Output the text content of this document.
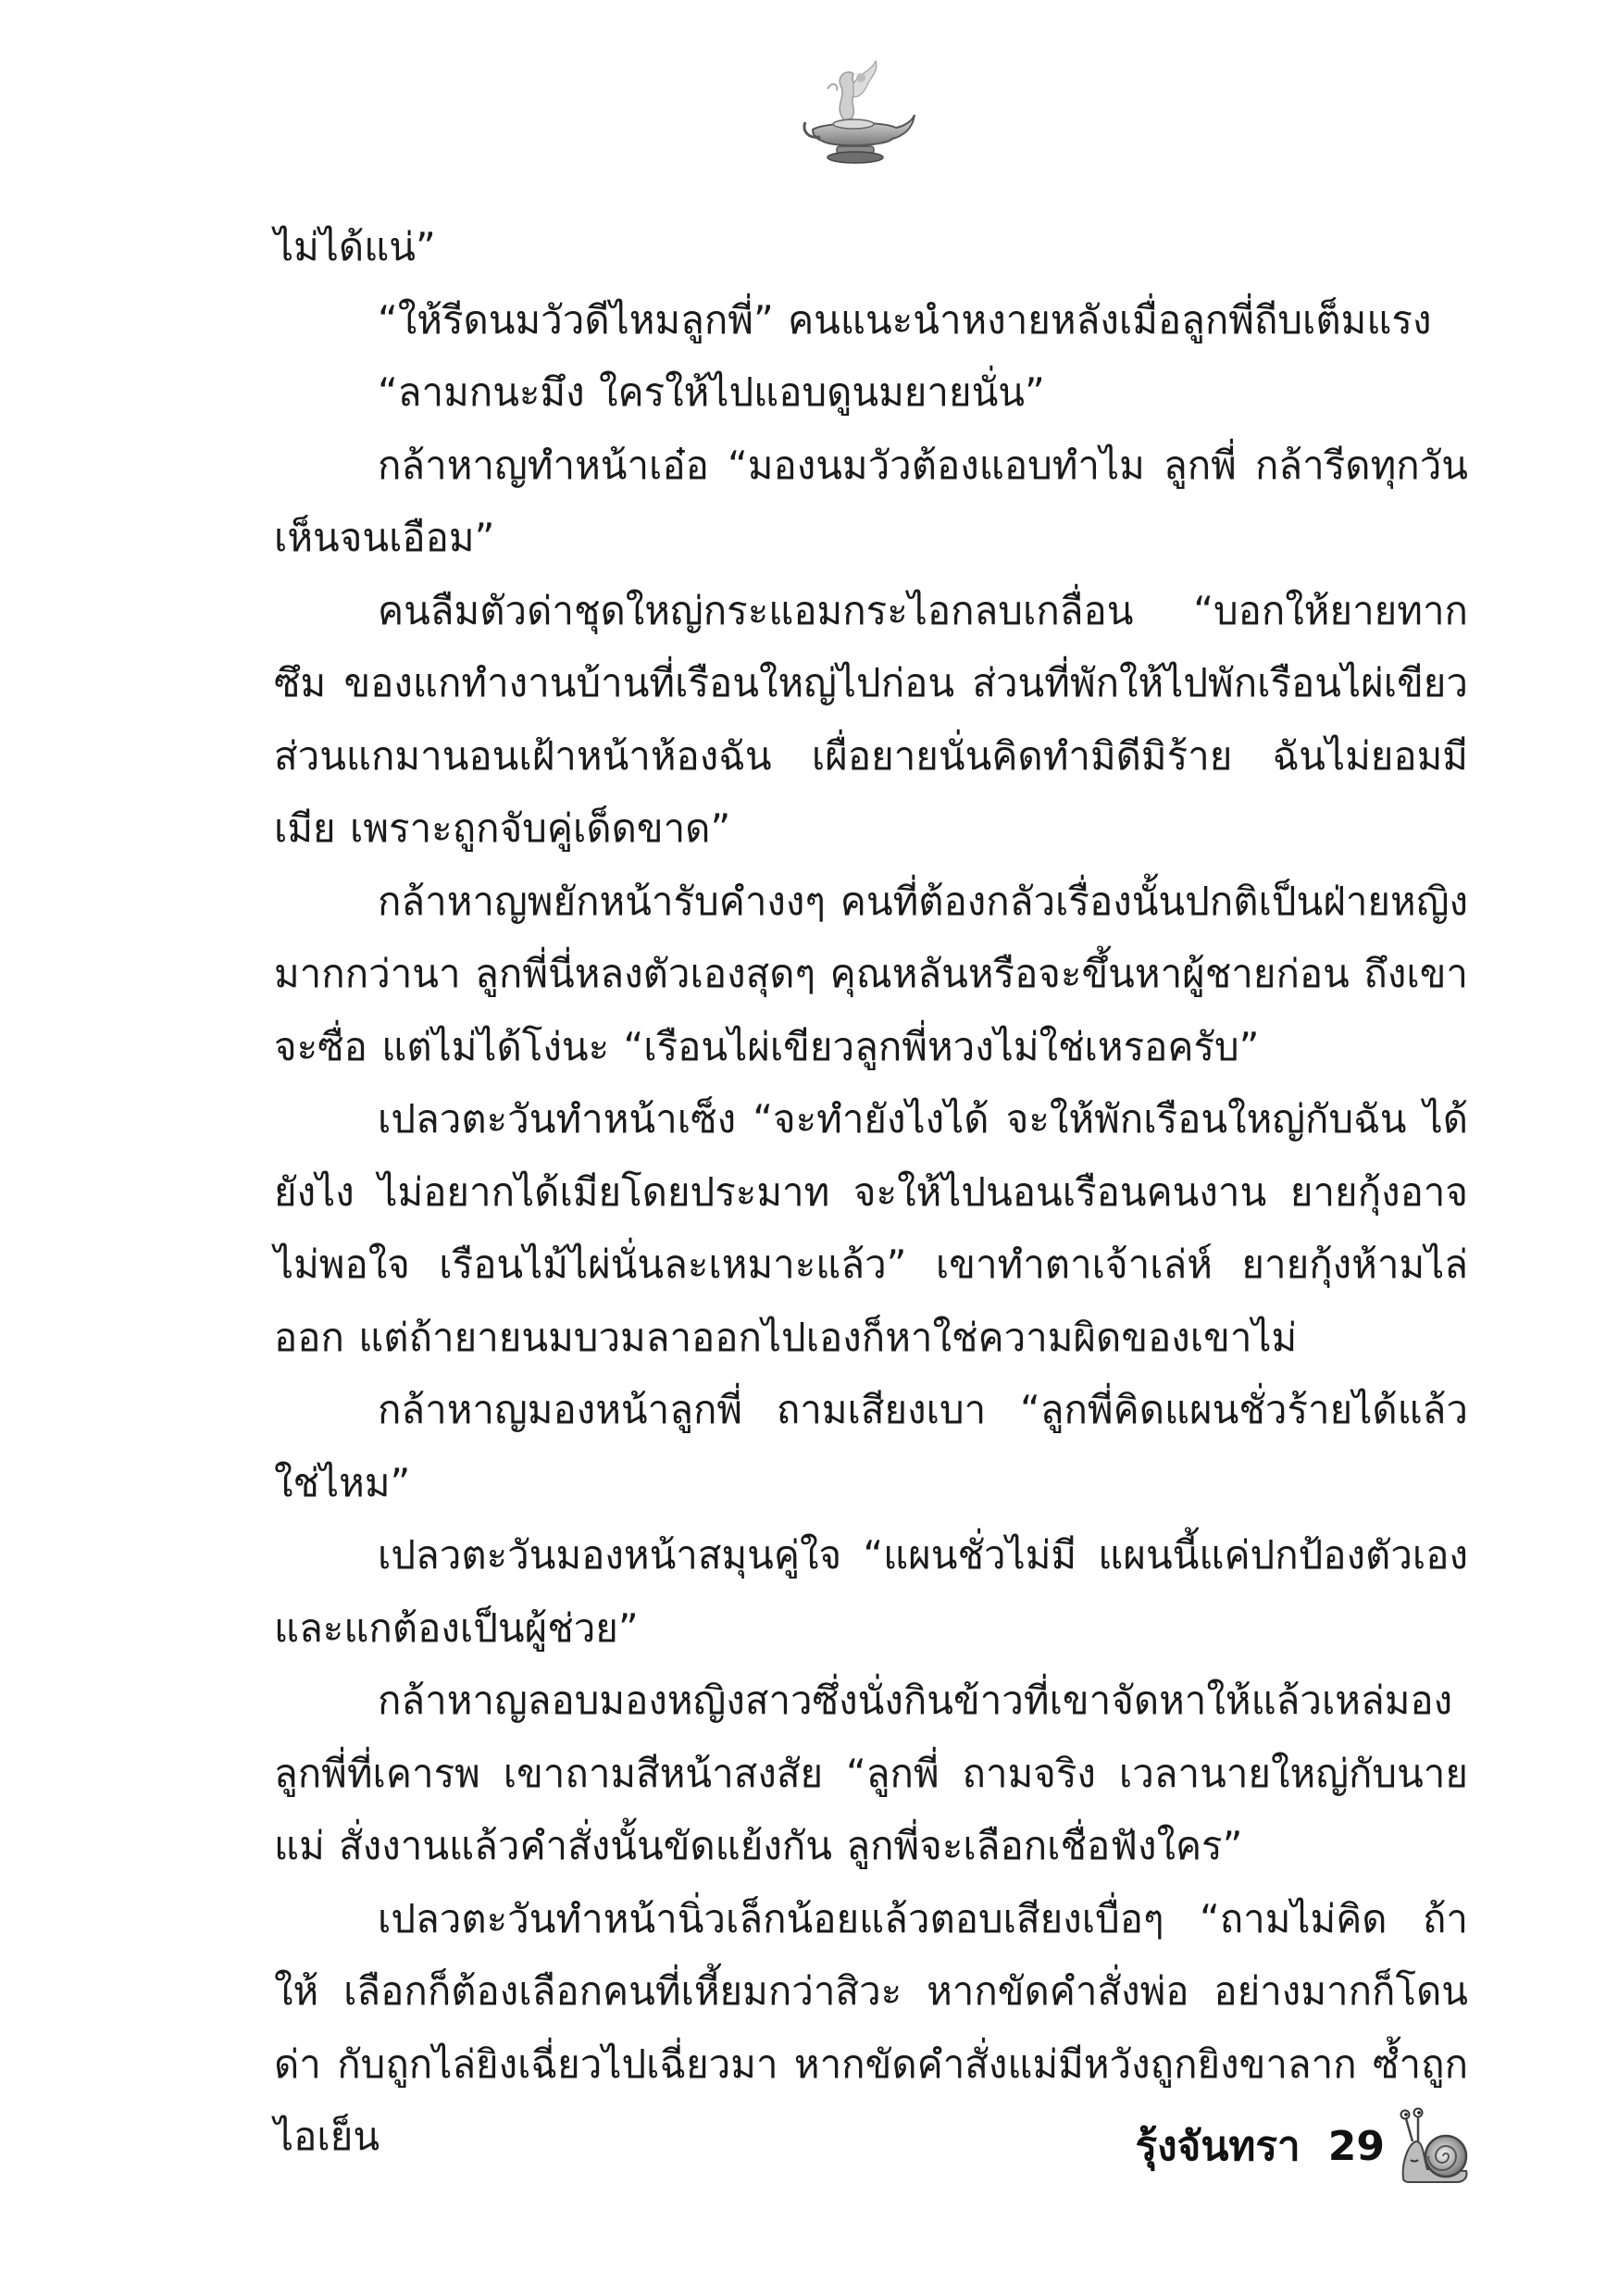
ไม่ได้แน่”

“ให้รีดนมวัวดีไหมลูกพี่” คนแนะนำหงายหลังเมื่อลูกพี่ถีบเต็มแรง

“ลามกนะมึง ใครให้ไปแอบดูนมยายนั่น”

กล้าหาญทำหน้าเอ๋อ “มองนมวัวต้องแอบทำไม ลูกพี่ กล้ารีดทุกวัน เห็นจนเอือม”

คนลืมตัวด่าชุดใหญ่กระแอมกระไอกลบเกลื่อน “บอกให้ยายทากซึม ของแกทำงานบ้านที่เรือนใหญ่ไปก่อน ส่วนที่พักให้ไปพักเรือนไผ่เขียว ส่วนแกมานอนเฝ้าหน้าห้องฉัน เผื่อยายนั่นคิดทำมิดีมิร้าย ฉันไม่ยอมมีเมีย เพราะถูกจับคู่เด็ดขาด”

กล้าหาญพยักหน้ารับคำงงๆ คนที่ต้องกลัวเรื่องนั้นปกติเป็นฝ่ายหญิง มากกว่านา ลูกพี่นี่หลงตัวเองสุดๆ คุณหลันหรือจะขึ้นหาผู้ชายก่อน ถึงเขา จะซื่อ แต่ไม่ได้โง่นะ “เรือนไผ่เขียวลูกพี่หวงไม่ใช่เหรอครับ”

เปลวตะวันทำหน้าเซ็ง “จะทำยังไงได้ จะให้พักเรือนใหญ่กับฉัน ได้ยังไง ไม่อยากได้เมียโดยประมาท จะให้ไปนอนเรือนคนงาน ยายกุ้งอาจ ไม่พอใจ เรือนไม้ไผ่นั่นละเหมาะแล้ว” เขาทำตาเจ้าเล่ห์ ยายกุ้งห้ามไล่ออก แต่ถ้ายายนมบวมลาออกไปเองก็หาใช่ความผิดของเขาไม่

กล้าหาญมองหน้าลูกพี่ ถามเสียงเบา “ลูกพี่คิดแผนชั่วร้ายได้แล้ว ใช่ไหม”

เปลวตะวันมองหน้าสมุนคู่ใจ “แผนชั่วไม่มี แผนนี้แค่ปกป้องตัวเอง และแกต้องเป็นผู้ช่วย”

กล้าหาญลอบมองหญิงสาวซึ่งนั่งกินข้าวที่เขาจัดหาให้แล้วเหล่มอง ลูกพี่ที่เคารพ เขาถามสีหน้าสงสัย “ลูกพี่ ถามจริง เวลานายใหญ่กับนายแม่ สั่งงานแล้วคำสั่งนั้นขัดแย้งกัน ลูกพี่จะเลือกเชื่อฟังใคร”

เปลวตะวันทำหน้านิ่วเล็กน้อยแล้วตอบเสียงเบื่อๆ “ถามไม่คิด ถ้าให้ เลือกก็ต้องเลือกคนที่เหี้ยมกว่าสิวะ หากขัดคำสั่งพ่อ อย่างมากก็โดนด่า กับถูกไล่ยิงเฉี่ยวไปเฉี่ยวมา หากขัดคำสั่งแม่มีหวังถูกยิงขาลาก ซ้ำถูกไอเย็น	รุ้งจันทรา 29
